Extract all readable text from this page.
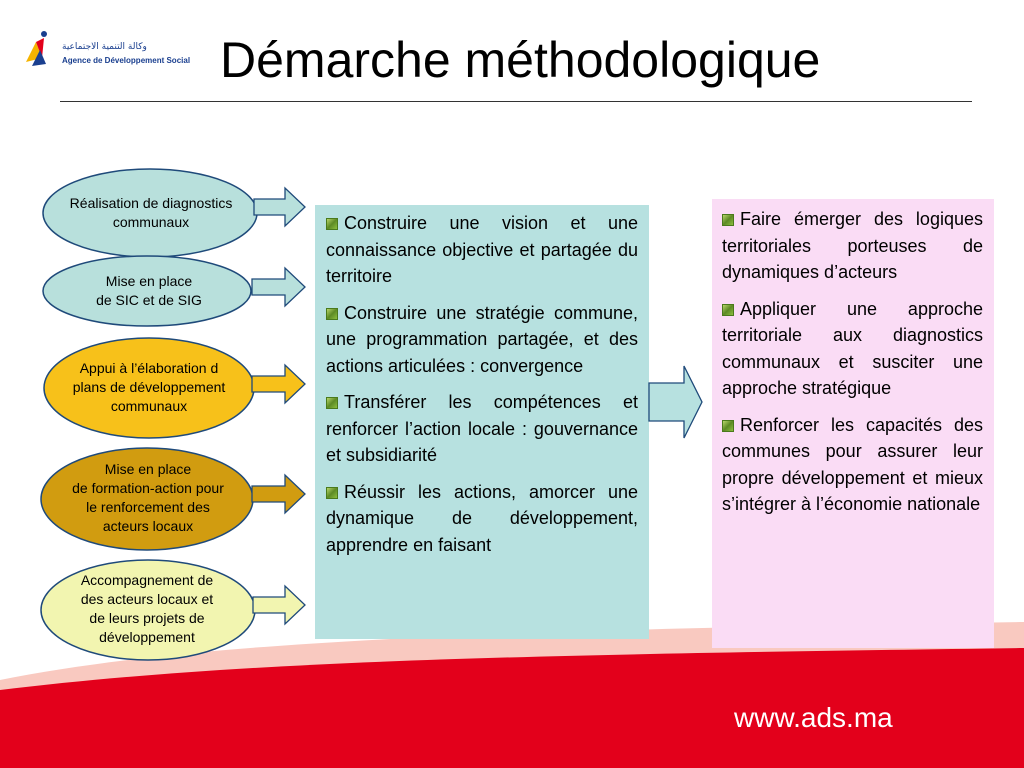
وكالة التنمية الاجتماعية
Agence de Développement Social Démarche méthodologique
Réalisation de diagnostics
communaux
Mise en place
de SIC et de SIG
Appui à l’élaboration d
plans de développement
communaux
Mise en place
de formation-action pour
le renforcement des
acteurs locaux
Accompagnement de
des acteurs locaux et
de leurs projets de
développement

Construire une vision et une connaissance objective et partagée du territoire

Construire une stratégie commune, une programmation partagée, et des actions articulées : convergence

Transférer les compétences et renforcer l’action locale : gouvernance et subsidiarité

Réussir les actions, amorcer une dynamique de développement, apprendre en faisant

Faire émerger des logiques territoriales porteuses de dynamiques d’acteurs

Appliquer une approche territoriale aux diagnostics communaux et susciter une approche stratégique

Renforcer les capacités des communes pour assurer leur propre développement et mieux s’intégrer à l’économie nationale

www.ads.ma
